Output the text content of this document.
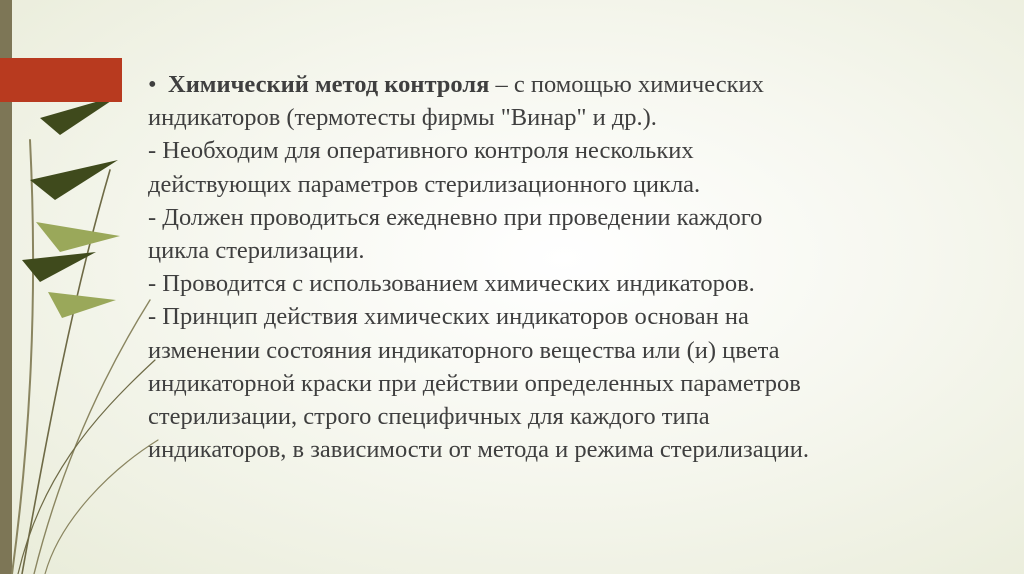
• Химический метод контроля – с помощью химических
индикаторов (термотесты фирмы "Винар" и др.).
- Необходим для оперативного контроля нескольких
действующих параметров стерилизационного цикла.
- Должен проводиться ежедневно при проведении каждого
цикла стерилизации.
- Проводится с использованием химических индикаторов.
- Принцип действия химических индикаторов основан на
изменении состояния индикаторного вещества или (и) цвета
индикаторной краски при действии определенных параметров
стерилизации, строго специфичных для каждого типа
индикаторов, в зависимости от метода и режима стерилизации.
